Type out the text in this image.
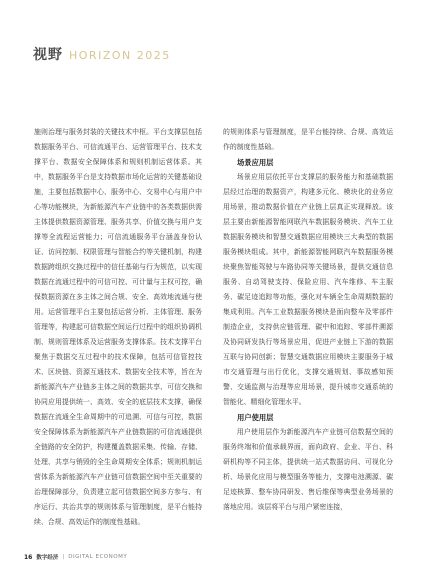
视野 HORIZON 2025

施则治理与服务封装的关键技术中枢。平台支撑层包括数据服务平台、可信流通平台、运营管理平台、技术支撑平台、数据安全保障体系和规则机制运营体系。其中，数据服务平台是支持数据市场化运营的关键基础设施，主要包括数据中心、服务中心、交易中心与用户中心等功能模块，为新能源汽车产业链中的各类数据供需主体提供数据资源管理、服务共享、价值交换与用户支撑等全流程运营能力；可信流通服务平台涵盖身份认证、访问控制、权限管理与智能合约等关键机制，构建数据跨组织交换过程中的信任基础与行为规范，以实现数据在流通过程中的可信可控、可计量与主权可控，确保数据资源在多主体之间合规、安全、高效地流通与使用。运营管理平台主要包括运营分析、主体管理、服务管理等，构建起可信数据空间运行过程中的组织协调机制、规则管理体系及运营服务支撑体系。技术支撑平台聚焦于数据交互过程中的技术保障，包括可信管控技术、区块链、资源互通技术、数据安全技术等，旨在为新能源汽车产业链多主体之间的数据共享、可信交换和协同应用提供统一、高效、安全的底层技术支撑，确保数据在流通全生命周期中的可追溯、可信与可控，数据安全保障体系为新能源汽车产业链数据的可信流通提供全链路的安全防护，构建覆盖数据采集、传输、存储、处理、共享与销毁的全生命周期安全体系；规则机制运营体系为新能源汽车产业链可信数据空间中至关重要的治理保障部分，负责建立起可信数据空间多方参与、有序运行、共治共享的规则体系与管理制度，是平台能持续、合规、高效运作的制度性基础。

的规则体系与管理制度，是平台能持续、合规、高效运作的制度性基础。

场景应用层

场景应用层依托平台支撑层的服务能力和基础数据层经过治理的数据资产，构建多元化、模块化的业务应用场景，推动数据价值在产业链上层真正实现释放。该层主要由新能源智能网联汽车数据服务模块、汽车工业数据服务模块和智慧交通数据应用模块三大典型的数据服务模块组成。其中，新能源智能网联汽车数据服务模块聚焦智能驾驶与车路协同等关键场景，提供交通信息服务、自动驾驶支持、保险应用、汽车维修、车主服务、碳足迹追踪等功能，强化对车辆全生命周期数据的集成利用。汽车工业数据服务模块是面向整车及零部件制造企业，支持供应链管理、碳中和追踪、零部件溯源及协同研发执行等场景应用，促进产业链上下游的数据互联与协同创新；智慧交通数据应用模块主要服务于城市交通管理与出行优化，支撑交通规划、事故感知预警、交通监测与治理等应用场景，提升城市交通系统的智能化、精细化管理水平。

用户使用层

用户使用层作为新能源汽车产业链可信数据空间的服务终端和价值承载界面，面向政府、企业、平台、科研机构等不同主体，提供统一站式数据访问、可视化分析、场景化应用与模型服务等能力，支撑电池溯源、碳足迹核算、整车协同研发、售后维保等典型业务场景的落地应用。该层将平台与用户紧密连接，

16 数字经济 | DIGITAL ECONOMY
